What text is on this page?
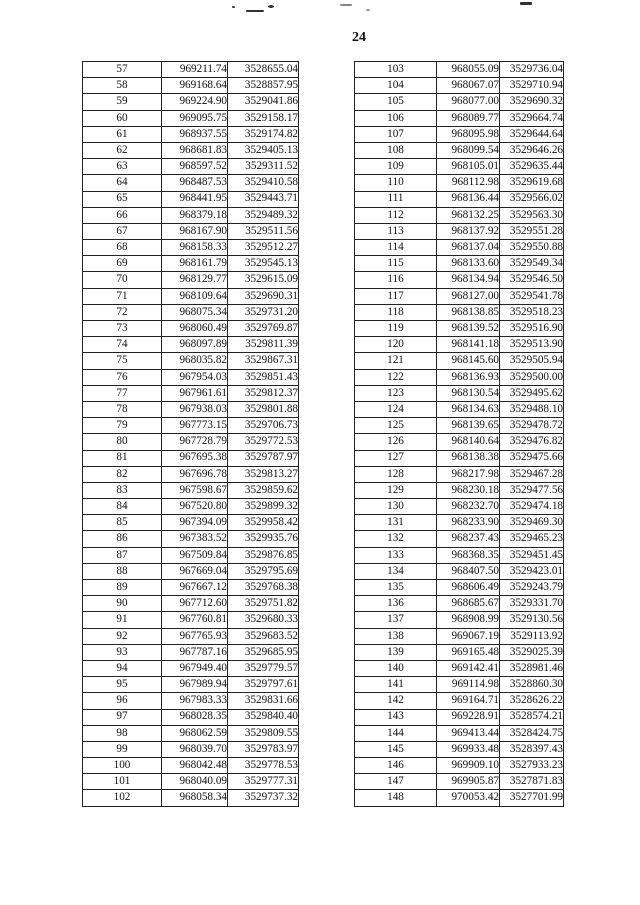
24
57	969211.74	3528655.04
58	969168.64	3528857.95
59	969224.90	3529041.86
60	969095.75	3529158.17
61	968937.55	3529174.82
62	968681.83	3529405.13
63	968597.52	3529311.52
64	968487.53	3529410.58
65	968441.95	3529443.71
66	968379.18	3529489.32
67	968167.90	3529511.56
68	968158.33	3529512.27
69	968161.79	3529545.13
70	968129.77	3529615.09
71	968109.64	3529690.31
72	968075.34	3529731.20
73	968060.49	3529769.87
74	968097.89	3529811.39
75	968035.82	3529867.31
76	967954.03	3529851.43
77	967961.61	3529812.37
78	967938.03	3529801.88
79	967773.15	3529706.73
80	967728.79	3529772.53
81	967695.38	3529787.97
82	967696.78	3529813.27
83	967598.67	3529859.62
84	967520.80	3529899.32
85	967394.09	3529958.42
86	967383.52	3529935.76
87	967509.84	3529876.85
88	967669.04	3529795.69
89	967667.12	3529768.38
90	967712.60	3529751.82
91	967760.81	3529680.33
92	967765.93	3529683.52
93	967787.16	3529685.95
94	967949.40	3529779.57
95	967989.94	3529797.61
96	967983.33	3529831.66
97	968028.35	3529840.40
98	968062.59	3529809.55
99	968039.70	3529783.97
100	968042.48	3529778.53
101	968040.09	3529777.31
102	968058.34	3529737.32
103	968055.09	3529736.04
104	968067.07	3529710.94
105	968077.00	3529690.32
106	968089.77	3529664.74
107	968095.98	3529644.64
108	968099.54	3529646.26
109	968105.01	3529635.44
110	968112.98	3529619.68
111	968136.44	3529566.02
112	968132.25	3529563.30
113	968137.92	3529551.28
114	968137.04	3529550.88
115	968133.60	3529549.34
116	968134.94	3529546.50
117	968127.00	3529541.78
118	968138.85	3529518.23
119	968139.52	3529516.90
120	968141.18	3529513.90
121	968145.60	3529505.94
122	968136.93	3529500.00
123	968130.54	3529495.62
124	968134.63	3529488.10
125	968139.65	3529478.72
126	968140.64	3529476.82
127	968138.38	3529475.66
128	968217.98	3529467.28
129	968230.18	3529477.56
130	968232.70	3529474.18
131	968233.90	3529469.30
132	968237.43	3529465.23
133	968368.35	3529451.45
134	968407.50	3529423.01
135	968606.49	3529243.79
136	968685.67	3529331.70
137	968908.99	3529130.56
138	969067.19	3529113.92
139	969165.48	3529025.39
140	969142.41	3528981.46
141	969114.98	3528860.30
142	969164.71	3528626.22
143	969228.91	3528574.21
144	969413.44	3528424.75
145	969933.48	3528397.43
146	969909.10	3527933.23
147	969905.87	3527871.83
148	970053.42	3527701.99
